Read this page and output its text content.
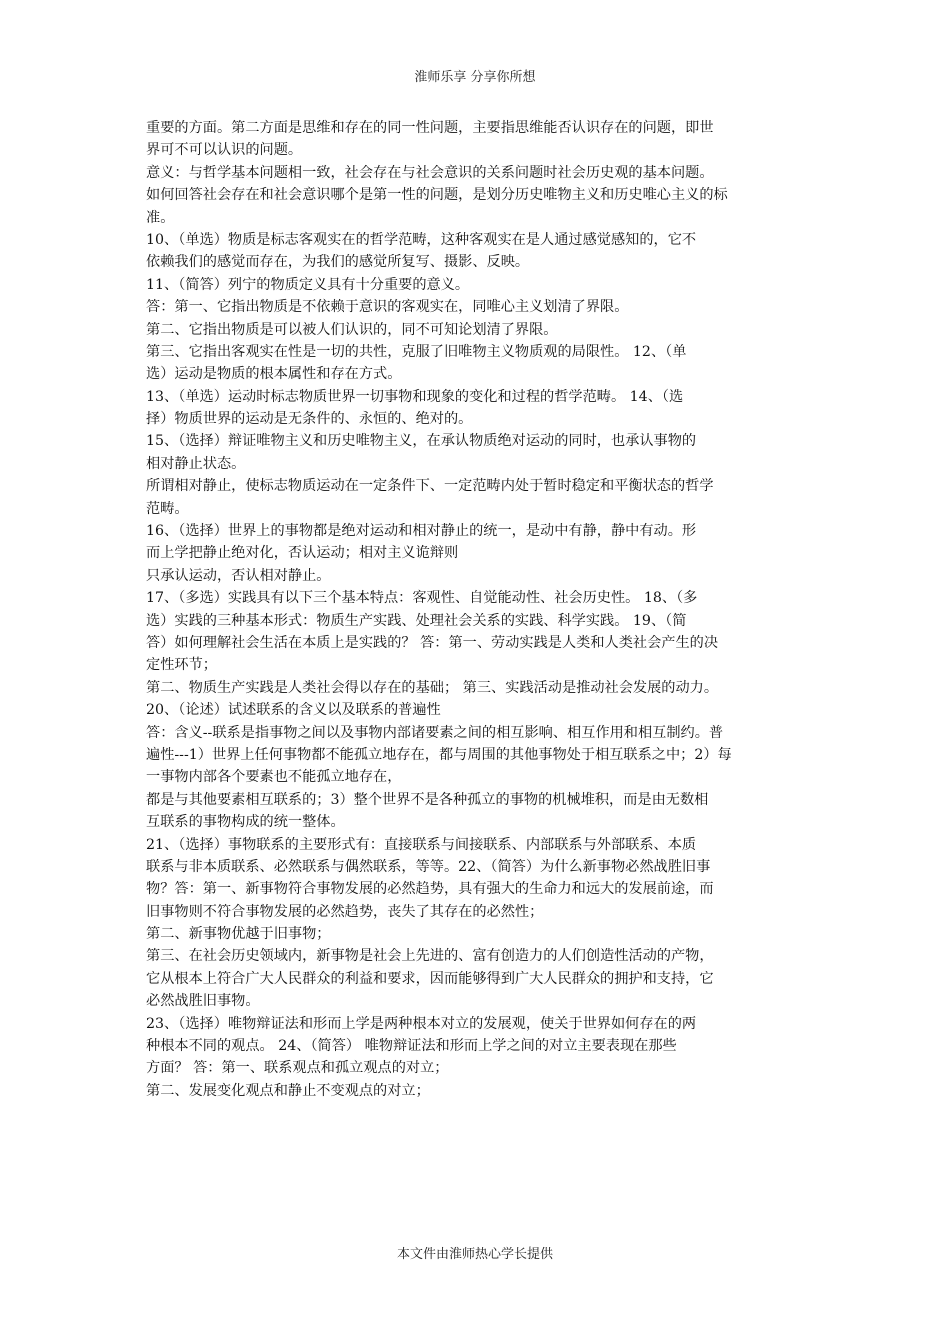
淮师乐享 分享你所想
重要的方面。第二方面是思维和存在的同一性问题，主要指思维能否认识存在的问题，即世
界可不可以认识的问题。
意义：与哲学基本问题相一致，社会存在与社会意识的关系问题时社会历史观的基本问题。
如何回答社会存在和社会意识哪个是第一性的问题，是划分历史唯物主义和历史唯心主义的标
准。
10、（单选）物质是标志客观实在的哲学范畴，这种客观实在是人通过感觉感知的，它不
依赖我们的感觉而存在，为我们的感觉所复写、摄影、反映。
11、（简答）列宁的物质定义具有十分重要的意义。
答：第一、它指出物质是不依赖于意识的客观实在，同唯心主义划清了界限。
第二、它指出物质是可以被人们认识的，同不可知论划清了界限。
第三、它指出客观实在性是一切的共性，克服了旧唯物主义物质观的局限性。 12、（单
选）运动是物质的根本属性和存在方式。
13、（单选）运动时标志物质世界一切事物和现象的变化和过程的哲学范畴。 14、（选
择）物质世界的运动是无条件的、永恒的、绝对的。
15、（选择）辩证唯物主义和历史唯物主义，在承认物质绝对运动的同时，也承认事物的
相对静止状态。
所谓相对静止，使标志物质运动在一定条件下、一定范畴内处于暂时稳定和平衡状态的哲学
范畴。
16、（选择）世界上的事物都是绝对运动和相对静止的统一，是动中有静，静中有动。形
而上学把静止绝对化，否认运动；相对主义诡辩则
只承认运动，否认相对静止。
17、（多选）实践具有以下三个基本特点：客观性、自觉能动性、社会历史性。 18、（多
选）实践的三种基本形式：物质生产实践、处理社会关系的实践、科学实践。 19、（简
答）如何理解社会生活在本质上是实践的？ 答：第一、劳动实践是人类和人类社会产生的决
定性环节；
第二、物质生产实践是人类社会得以存在的基础； 第三、实践活动是推动社会发展的动力。
20、（论述）试述联系的含义以及联系的普遍性
答：含义--联系是指事物之间以及事物内部诸要素之间的相互影响、相互作用和相互制约。普
遍性---1）世界上任何事物都不能孤立地存在，都与周围的其他事物处于相互联系之中；2）每
一事物内部各个要素也不能孤立地存在，
都是与其他要素相互联系的；3）整个世界不是各种孤立的事物的机械堆积，而是由无数相
互联系的事物构成的统一整体。
21、（选择）事物联系的主要形式有：直接联系与间接联系、内部联系与外部联系、本质
联系与非本质联系、必然联系与偶然联系，等等。22、（简答）为什么新事物必然战胜旧事
物？答：第一、新事物符合事物发展的必然趋势，具有强大的生命力和远大的发展前途，而
旧事物则不符合事物发展的必然趋势，丧失了其存在的必然性；
第二、新事物优越于旧事物；
第三、在社会历史领域内，新事物是社会上先进的、富有创造力的人们创造性活动的产物，
它从根本上符合广大人民群众的利益和要求，因而能够得到广大人民群众的拥护和支持，它
必然战胜旧事物。
23、（选择）唯物辩证法和形而上学是两种根本对立的发展观，使关于世界如何存在的两
种根本不同的观点。 24、（简答） 唯物辩证法和形而上学之间的对立主要表现在那些
方面？ 答：第一、联系观点和孤立观点的对立；
第二、发展变化观点和静止不变观点的对立；
本文件由淮师热心学长提供
